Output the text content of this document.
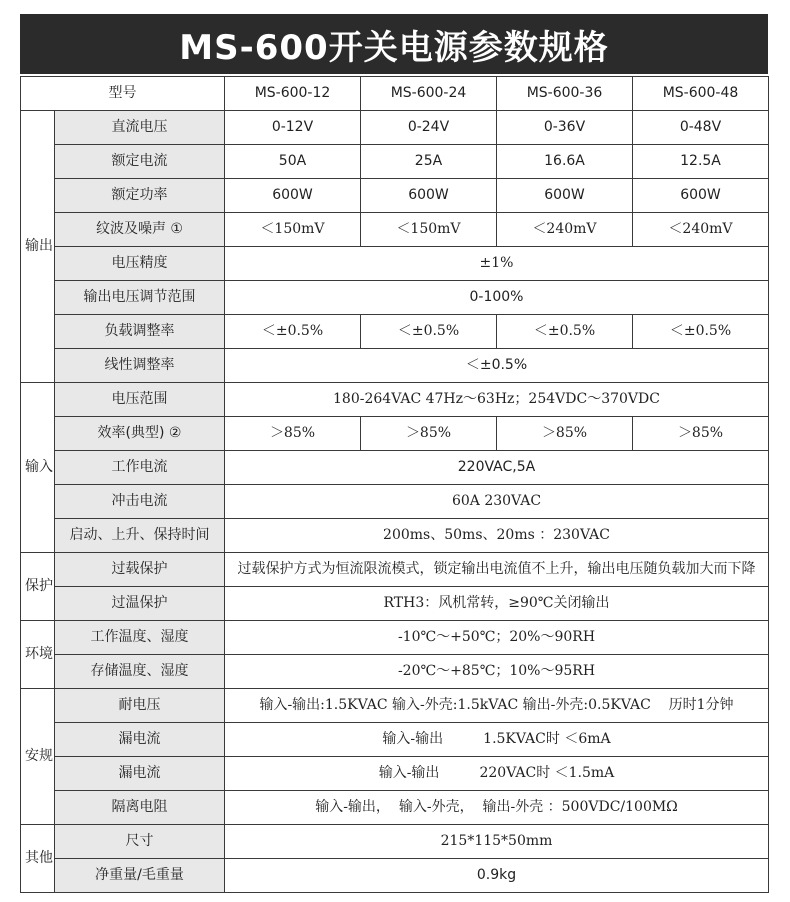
MS-600开关电源参数规格
型号		MS-600-12	MS-600-24	MS-600-36	MS-600-48
输出	直流电压	0-12V	0-24V	0-36V	0-48V
	额定电流	50A	25A	16.6A	12.5A
	额定功率	600W	600W	600W	600W
	纹波及噪声 ①	＜150mV	＜150mV	＜240mV	＜240mV
	电压精度	±1%			
	输出电压调节范围	0-100%			
	负载调整率	＜±0.5%	＜±0.5%	＜±0.5%	＜±0.5%
	线性调整率	＜±0.5%			
输入	电压范围	180-264VAC 47Hz～63Hz；254VDC～370VDC			
	效率(典型) ②	＞85%	＞85%	＞85%	＞85%
	工作电流	220VAC,5A			
	冲击电流	60A 230VAC			
	启动、上升、保持时间	200ms、50ms、20ms ：230VAC			
保护	过载保护	过载保护方式为恒流限流模式，锁定输出电流值不上升，输出电压随负载加大而下降			
	过温保护	RTH3：风机常转，≥90℃关闭输出			
环境	工作温度、湿度	-10℃～+50℃；20%～90RH			
	存储温度、湿度	-20℃～+85℃；10%～95RH			
安规	耐电压	输入-输出:1.5KVAC 输入-外壳:1.5kVAC 输出-外壳:0.5KVAC    历时1分钟			
	漏电流	输入-输出         1.5KVAC时 ＜6mA			
	漏电流	输入-输出         220VAC时 ＜1.5mA			
	隔离电阻	输入-输出，  输入-外壳，  输出-外壳 ：500VDC/100MΩ			
其他	尺寸	215*115*50mm			
	净重量/毛重量	0.9kg			
